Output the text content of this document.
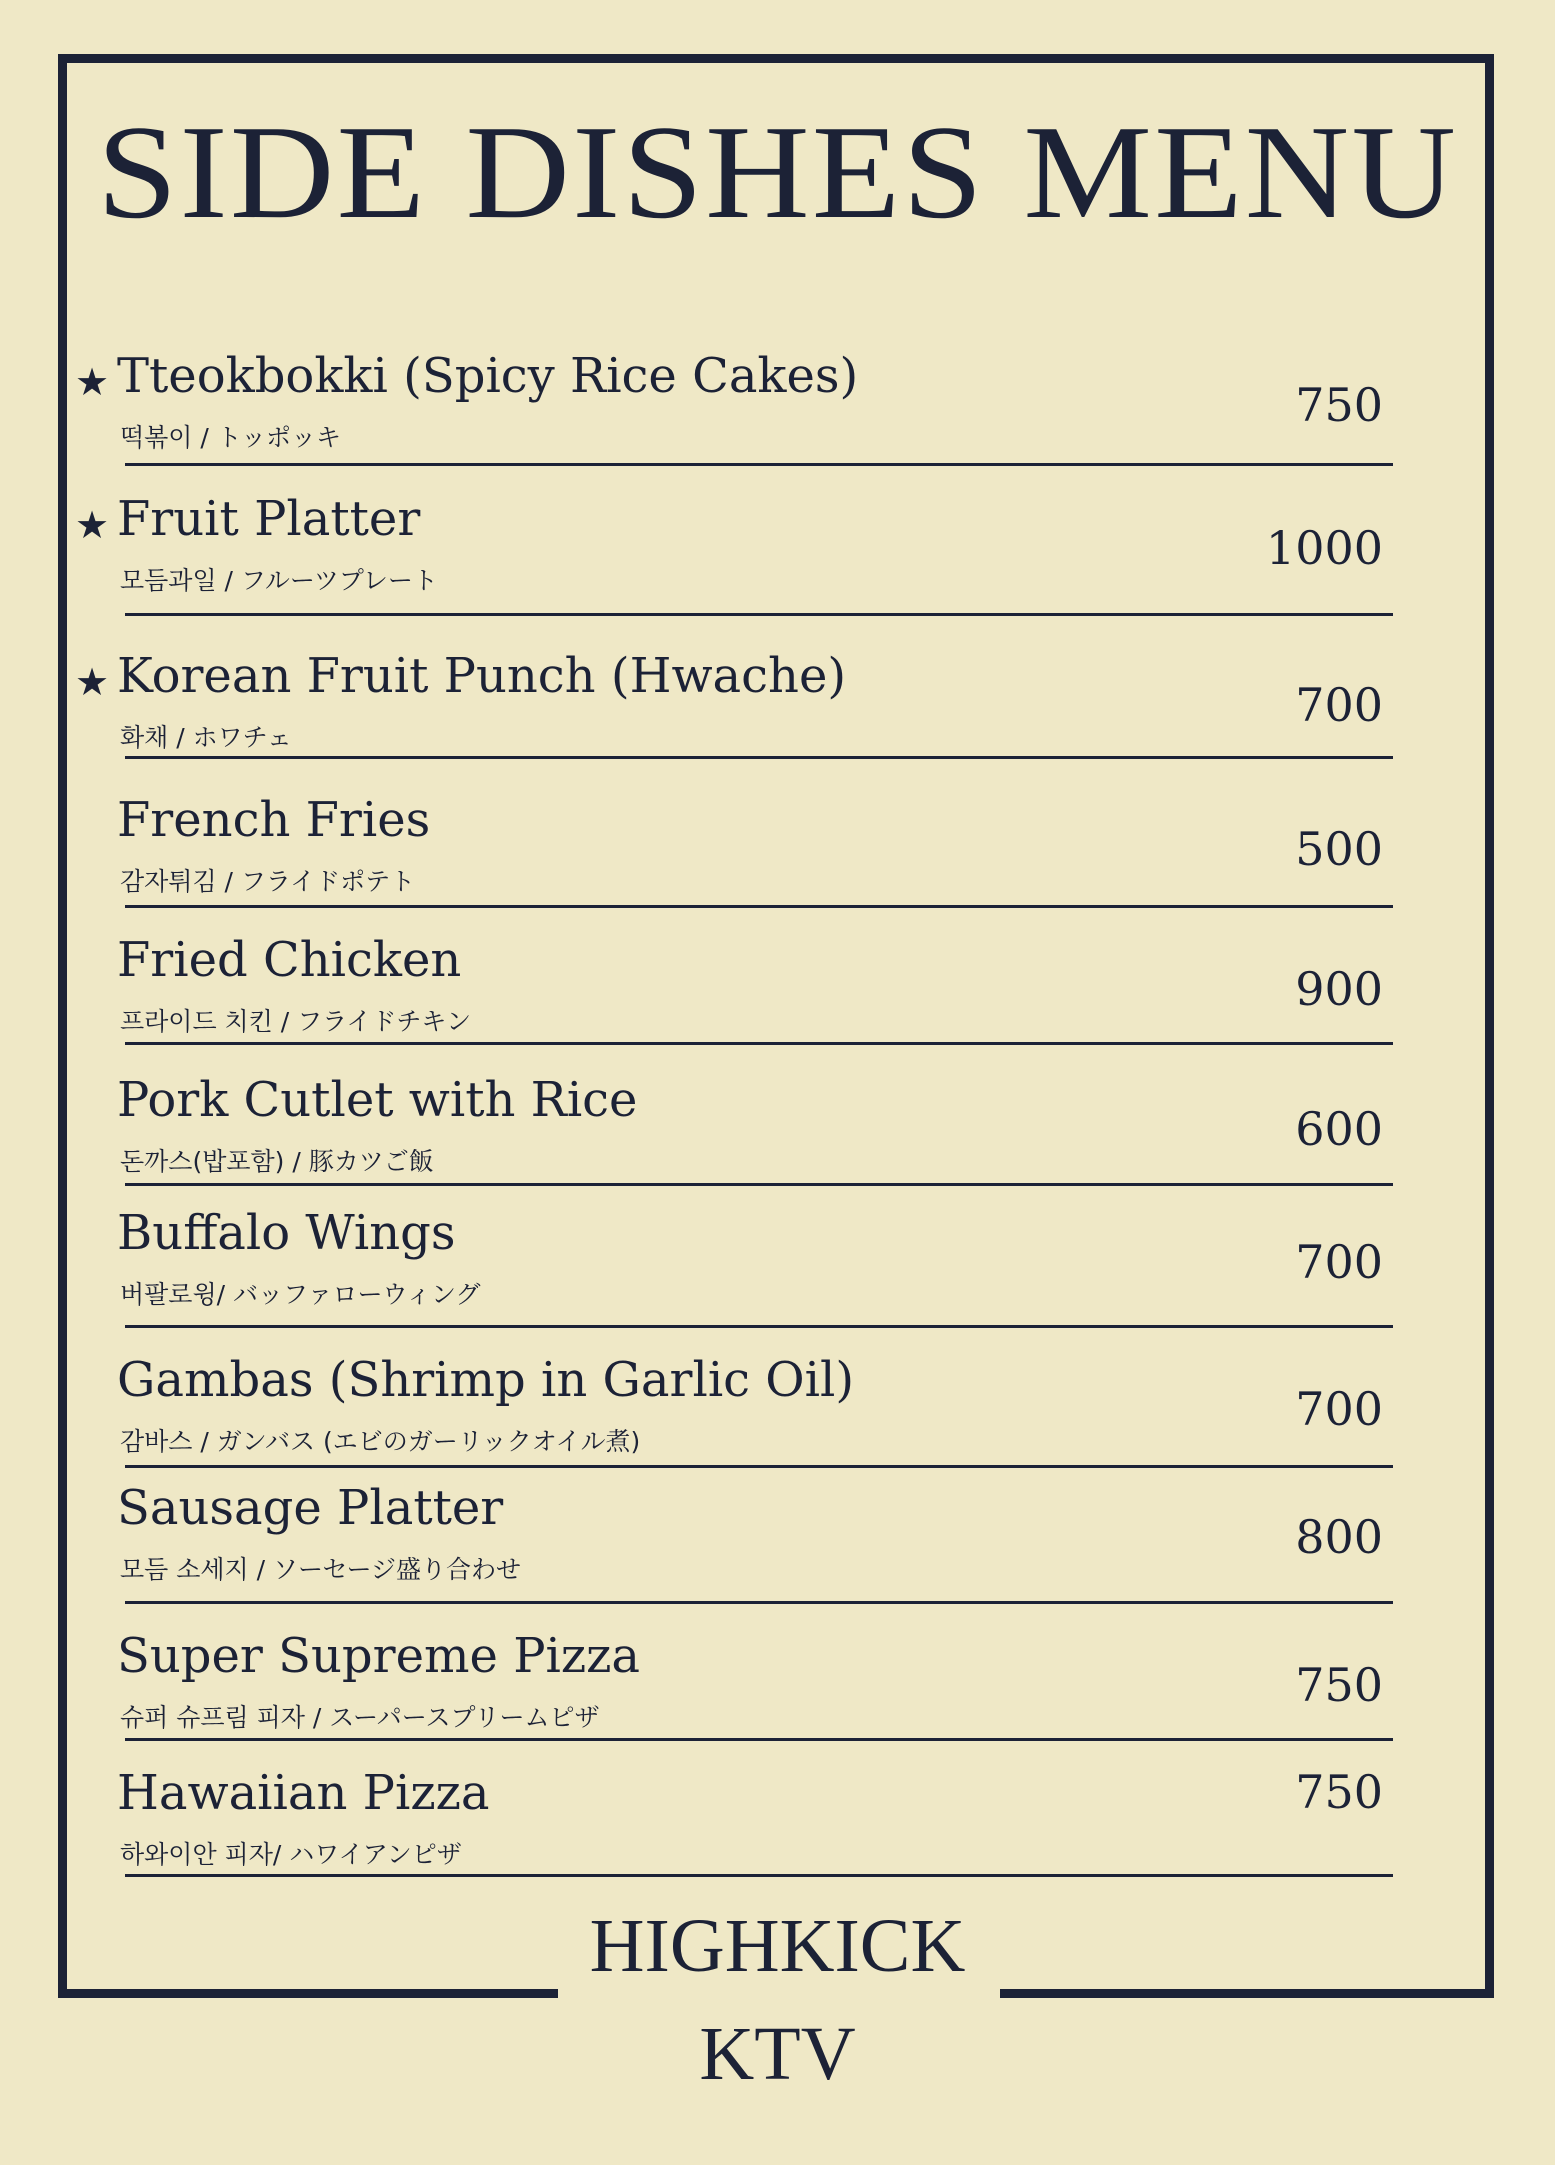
SIDE DISHES MENU
★ Tteokbokki (Spicy Rice Cakes)
떡볶이 / トッポッキ
750
★ Fruit Platter
모듬과일 / フルーツプレート
1000
★ Korean Fruit Punch (Hwache)
화채 / ホワチェ
700
French Fries
감자튀김 / フライドポテト
500
Fried Chicken
프라이드 치킨 / フライドチキン
900
Pork Cutlet with Rice
돈까스(밥포함) / 豚カツご飯
600
Buffalo Wings
버팔로윙/ バッファローウィング
700
Gambas (Shrimp in Garlic Oil)
감바스 / ガンバス (エビのガーリックオイル煮)
700
Sausage Platter
모듬 소세지 / ソーセージ盛り合わせ
800
Super Supreme Pizza
슈퍼 슈프림 피자 / スーパースプリームピザ
750
Hawaiian Pizza
하와이안 피자/ ハワイアンピザ
750
HIGHKICK
KTV
